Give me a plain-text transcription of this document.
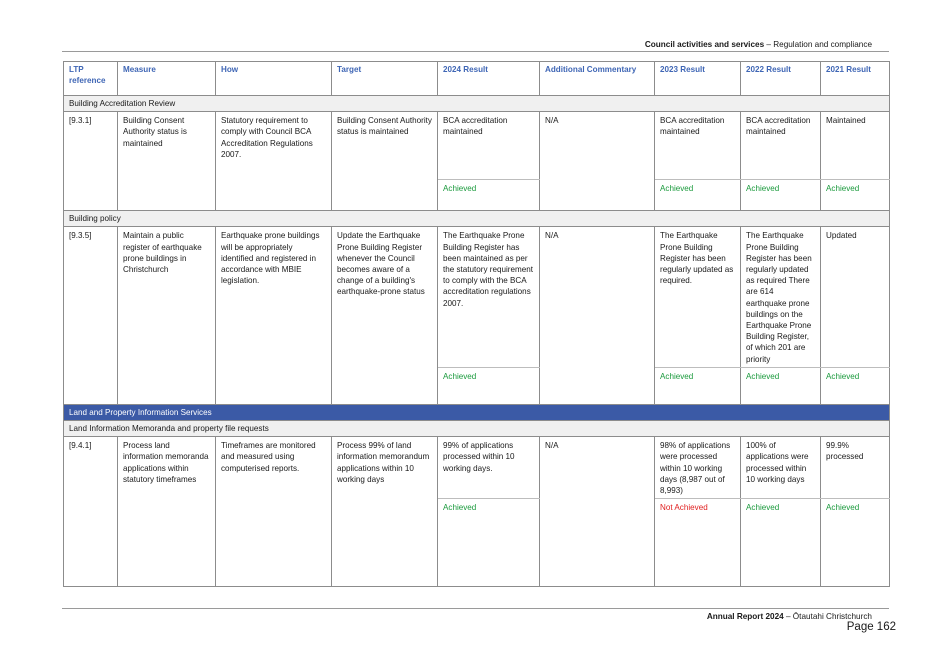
Council activities and services – Regulation and compliance
LTP reference	Measure	How	Target	2024 Result	Additional Commentary	2023 Result	2022 Result	2021 Result
Building Accreditation Review								
[9.3.1]	Building Consent Authority status is maintained	Statutory requirement to comply with Council BCA Accreditation Regulations 2007.	Building Consent Authority status is maintained	BCA accreditation maintained	N/A	BCA accreditation maintained	BCA accreditation maintained	Maintained
				Achieved		Achieved	Achieved	Achieved
Building policy								
[9.3.5]	Maintain a public register of earthquake prone buildings in Christchurch	Earthquake prone buildings will be appropriately identified and registered in accordance with MBIE legislation.	Update the Earthquake Prone Building Register whenever the Council becomes aware of a change of a building's earthquake-prone status	The Earthquake Prone Building Register has been maintained as per the statutory requirement to comply with the BCA accreditation regulations 2007.	N/A	The Earthquake Prone Building Register has been regularly updated as required.	The Earthquake Prone Building Register has been regularly updated as required There are 614 earthquake prone buildings on the Earthquake Prone Building Register, of which 201 are priority	Updated
				Achieved		Achieved	Achieved	Achieved
Land and Property Information Services								
Land Information Memoranda and property file requests								
[9.4.1]	Process land information memoranda applications within statutory timeframes	Timeframes are monitored and measured using computerised reports.	Process 99% of land information memorandum applications within 10 working days	99% of applications processed within 10 working days.	N/A	98% of applications were processed within 10 working days (8,987 out of 8,993)	100% of applications were processed within 10 working days	99.9% processed
				Achieved		Not Achieved	Achieved	Achieved
Annual Report 2024 – Ōtautahi Christchurch
Page 162
